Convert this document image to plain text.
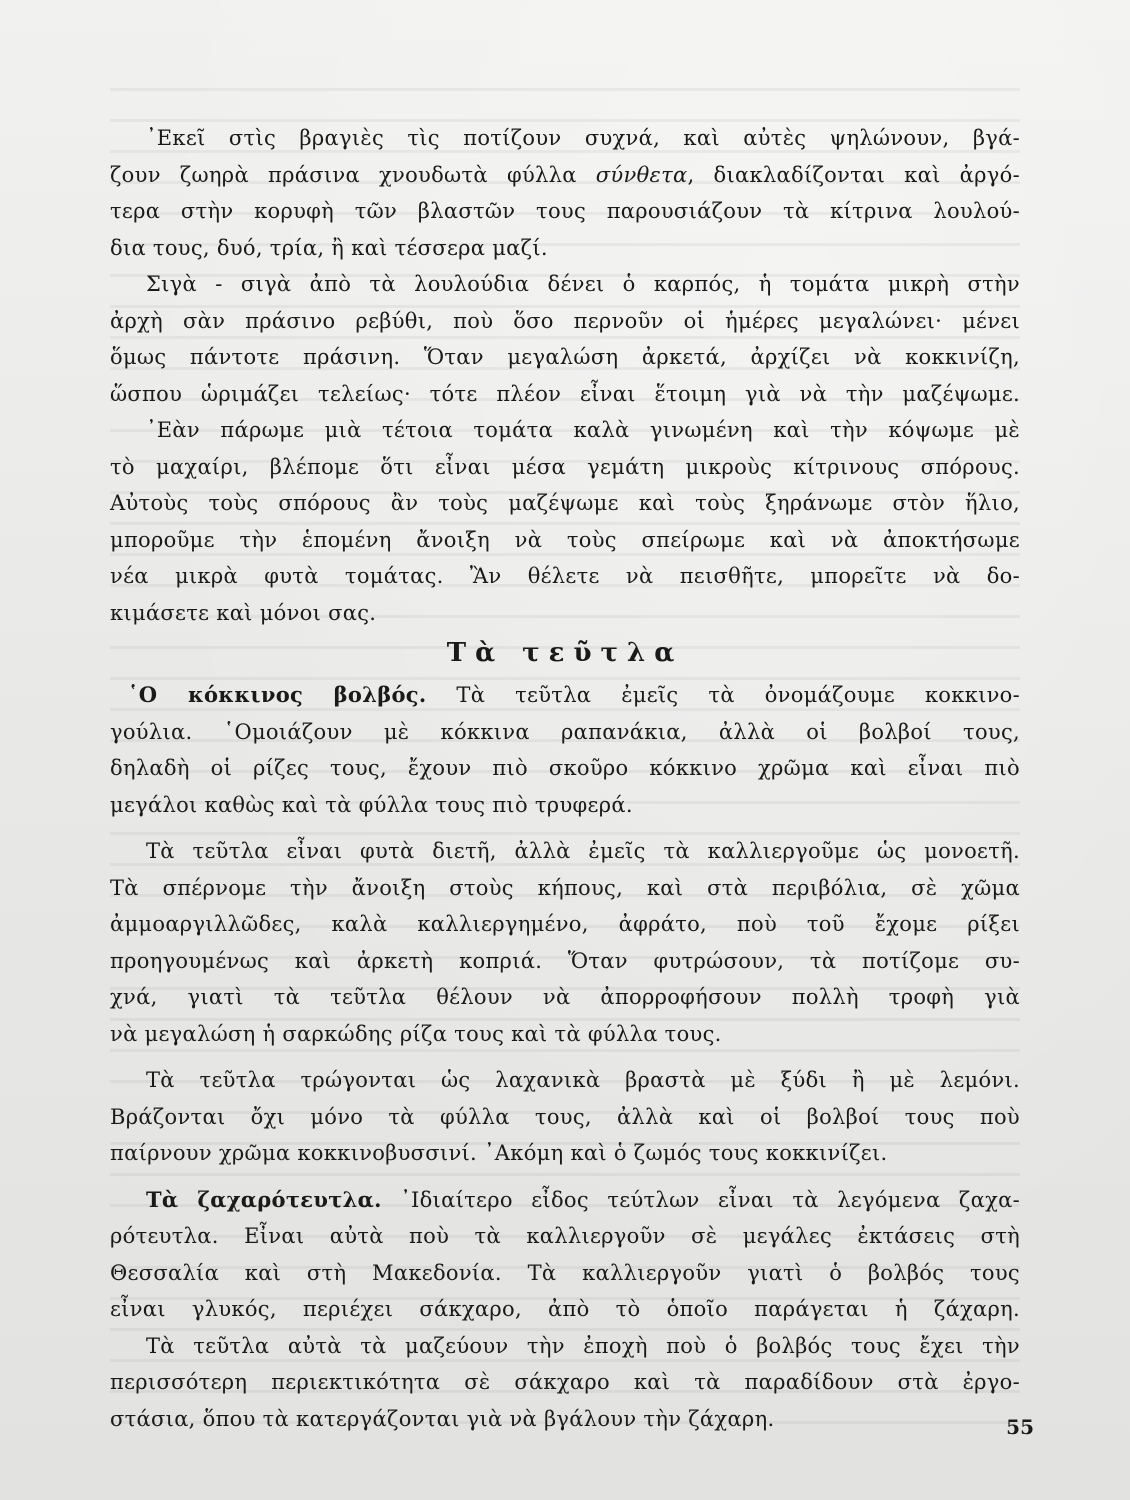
᾽Εκεῖ στὶς βραγιὲς τὶς ποτίζουν συχνά, καὶ αὐτὲς ψηλώνουν, βγά-
ζουν ζωηρὰ πράσινα χνουδωτὰ φύλλα σύνθετα, διακλαδίζονται καὶ ἀργό-
τερα στὴν κορυφὴ τῶν βλαστῶν τους παρουσιάζουν τὰ κίτρινα λουλού-
δια τους, δυό, τρία, ἢ καὶ τέσσερα μαζί.
Σιγὰ - σιγὰ ἀπὸ τὰ λουλούδια δένει ὁ καρπός, ἡ τομάτα μικρὴ στὴν
ἀρχὴ σὰν πράσινο ρεβύθι, ποὺ ὅσο περνοῦν οἱ ἡμέρες μεγαλώνει· μένει
ὅμως πάντοτε πράσινη. Ὅταν μεγαλώση ἀρκετά, ἀρχίζει νὰ κοκκινίζη,
ὥσπου ὡριμάζει τελείως· τότε πλέον εἶναι ἕτοιμη γιὰ νὰ τὴν μαζέψωμε.
᾽Εὰν πάρωμε μιὰ τέτοια τομάτα καλὰ γινωμένη καὶ τὴν κόψωμε μὲ
τὸ μαχαίρι, βλέπομε ὅτι εἶναι μέσα γεμάτη μικροὺς κίτρινους σπόρους.
Αὐτοὺς τοὺς σπόρους ἂν τοὺς μαζέψωμε καὶ τοὺς ξηράνωμε στὸν ἥλιο,
μποροῦμε τὴν ἑπομένη ἄνοιξη νὰ τοὺς σπείρωμε καὶ νὰ ἀποκτήσωμε
νέα μικρὰ φυτὰ τομάτας. Ἂν θέλετε νὰ πεισθῆτε, μπορεῖτε νὰ δο-
κιμάσετε καὶ μόνοι σας.
Τὰ τεῦτλα
῾Ο κόκκινος βολβός. Τὰ τεῦτλα ἐμεῖς τὰ ὀνομάζουμε κοκκινο-
γούλια. ῾Ομοιάζουν μὲ κόκκινα ραπανάκια, ἀλλὰ οἱ βολβοί τους,
δηλαδὴ οἱ ρίζες τους, ἔχουν πιὸ σκοῦρο κόκκινο χρῶμα καὶ εἶναι πιὸ
μεγάλοι καθὼς καὶ τὰ φύλλα τους πιὸ τρυφερά.
Τὰ τεῦτλα εἶναι φυτὰ διετῆ, ἀλλὰ ἐμεῖς τὰ καλλιεργοῦμε ὡς μονοετῆ.
Τὰ σπέρνομε τὴν ἄνοιξη στοὺς κήπους, καὶ στὰ περιβόλια, σὲ χῶμα
ἀμμοαργιλλῶδες, καλὰ καλλιεργημένο, ἀφράτο, ποὺ τοῦ ἔχομε ρίξει
προηγουμένως καὶ ἀρκετὴ κοπριά. Ὅταν φυτρώσουν, τὰ ποτίζομε συ-
χνά, γιατὶ τὰ τεῦτλα θέλουν νὰ ἀπορροφήσουν πολλὴ τροφὴ γιὰ
νὰ μεγαλώση ἡ σαρκώδης ρίζα τους καὶ τὰ φύλλα τους.
Τὰ τεῦτλα τρώγονται ὡς λαχανικὰ βραστὰ μὲ ξύδι ἢ μὲ λεμόνι.
Βράζονται ὄχι μόνο τὰ φύλλα τους, ἀλλὰ καὶ οἱ βολβοί τους ποὺ
παίρνουν χρῶμα κοκκινοβυσσινί. ᾽Ακόμη καὶ ὁ ζωμός τους κοκκινίζει.
Τὰ ζαχαρότευτλα. ᾽Ιδιαίτερο εἶδος τεύτλων εἶναι τὰ λεγόμενα ζαχα-
ρότευτλα. Εἶναι αὐτὰ ποὺ τὰ καλλιεργοῦν σὲ μεγάλες ἐκτάσεις στὴ
Θεσσαλία καὶ στὴ Μακεδονία. Τὰ καλλιεργοῦν γιατὶ ὁ βολβός τους
εἶναι γλυκός, περιέχει σάκχαρο, ἀπὸ τὸ ὁποῖο παράγεται ἡ ζάχαρη.
Τὰ τεῦτλα αὐτὰ τὰ μαζεύουν τὴν ἐποχὴ ποὺ ὁ βολβός τους ἔχει τὴν
περισσότερη περιεκτικότητα σὲ σάκχαρο καὶ τὰ παραδίδουν στὰ ἐργο-
στάσια, ὅπου τὰ κατεργάζονται γιὰ νὰ βγάλουν τὴν ζάχαρη.	55
